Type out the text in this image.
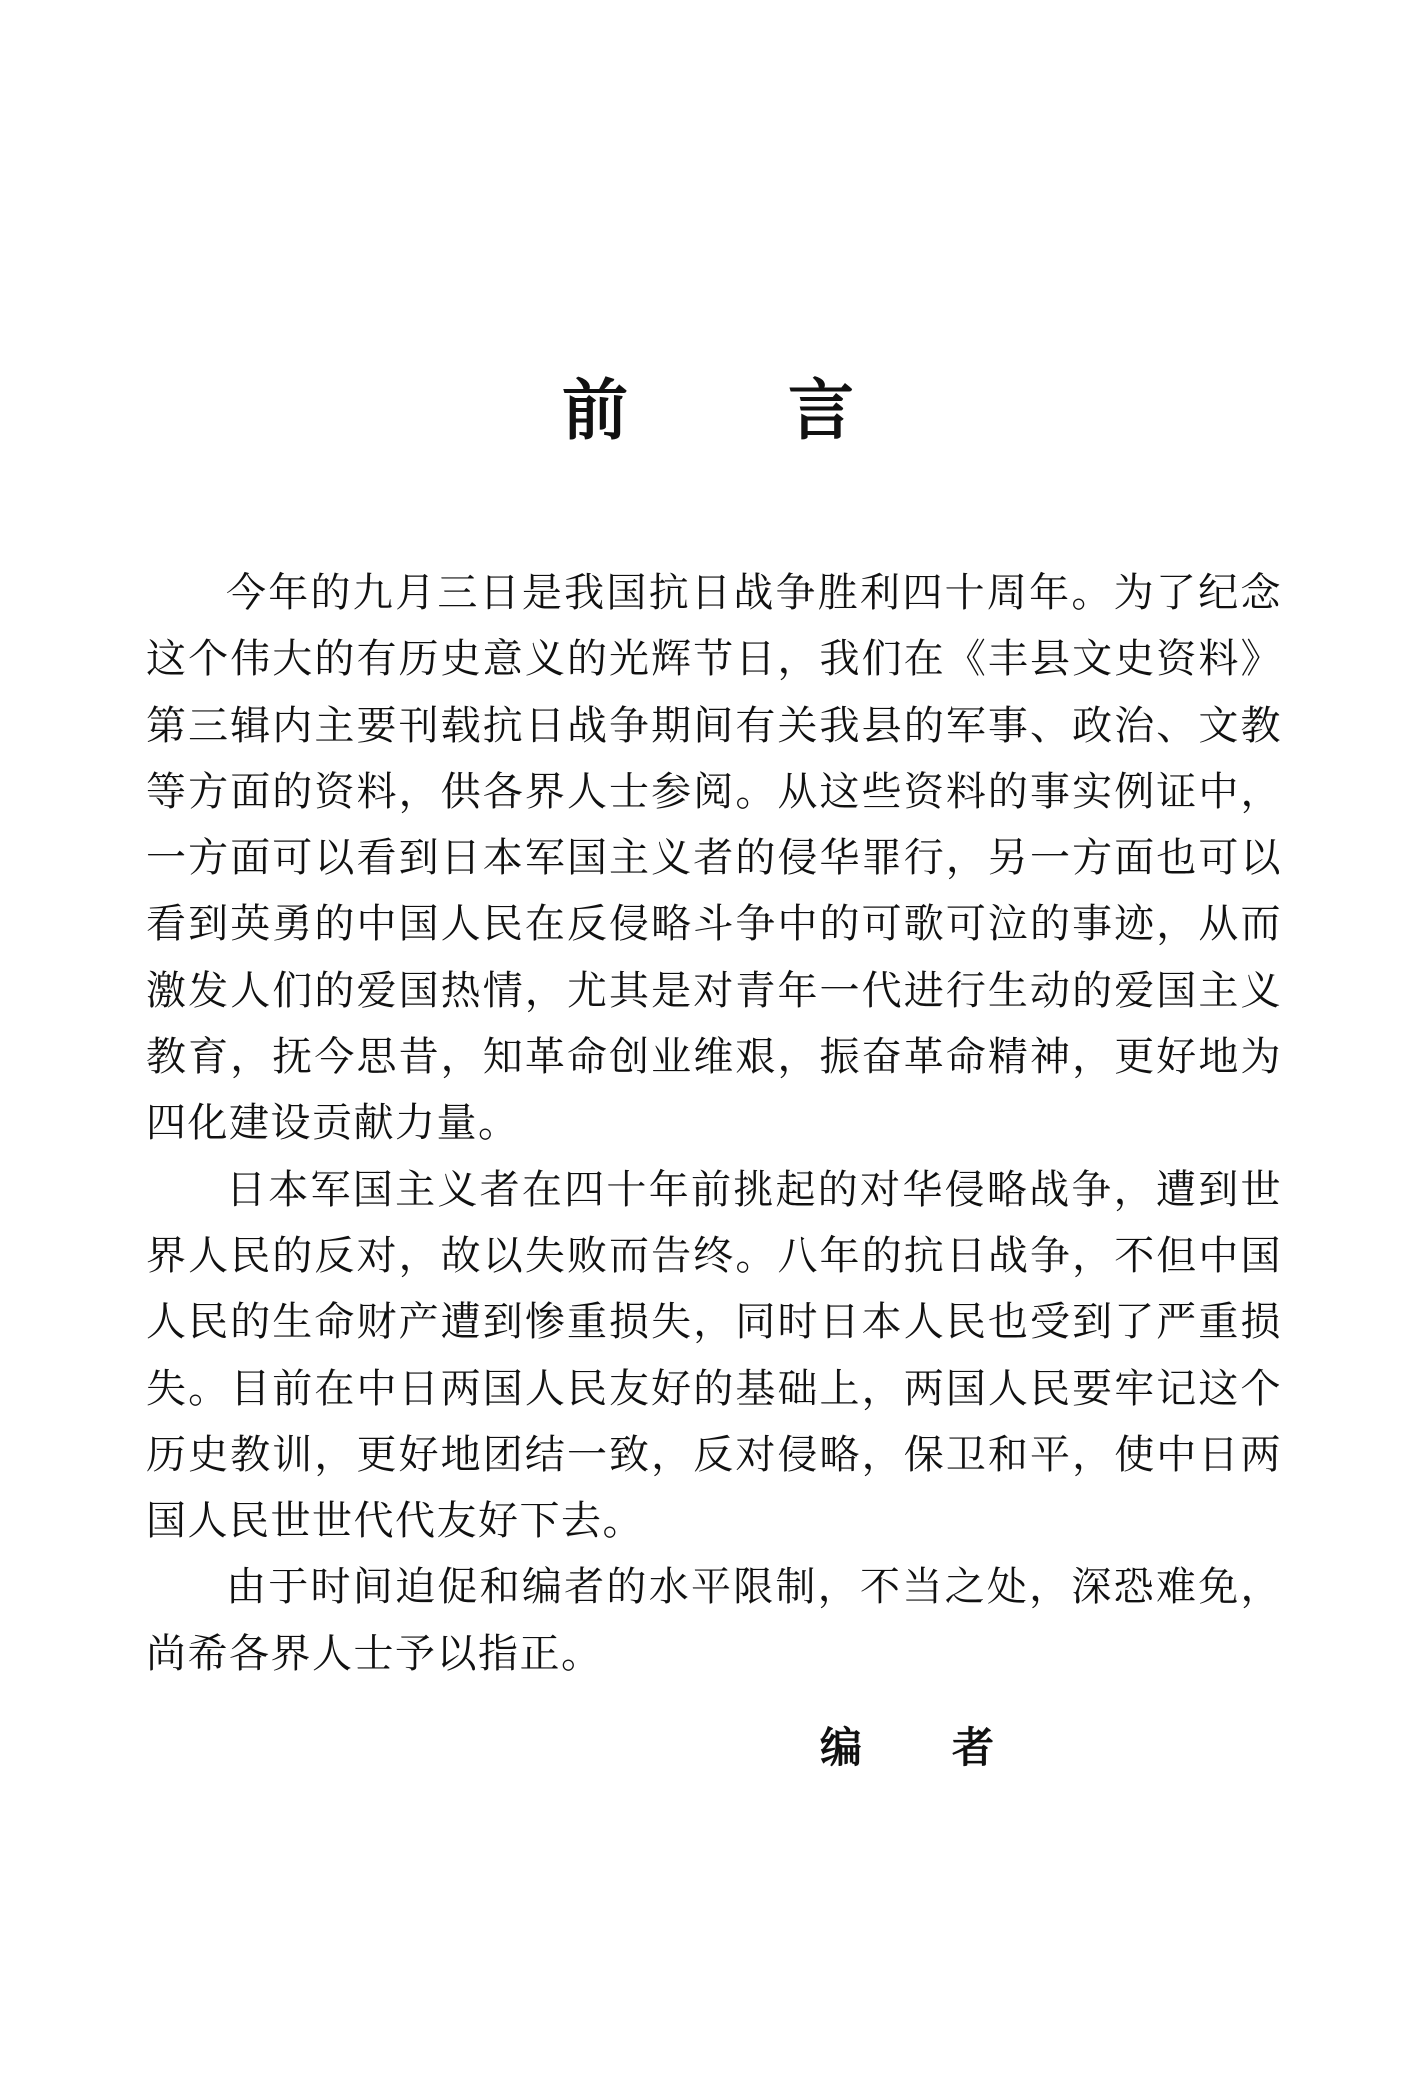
前言

今年的九月三日是我国抗日战争胜利四十周年。为了纪念这个伟大的有历史意义的光辉节日，我们在《丰县文史资料》第三辑内主要刊载抗日战争期间有关我县的军事、政治、文教等方面的资料，供各界人士参阅。从这些资料的事实例证中，一方面可以看到日本军国主义者的侵华罪行，另一方面也可以看到英勇的中国人民在反侵略斗争中的可歌可泣的事迹，从而激发人们的爱国热情，尤其是对青年一代进行生动的爱国主义教育，抚今思昔，知革命创业维艰，振奋革命精神，更好地为四化建设贡献力量。

日本军国主义者在四十年前挑起的对华侵略战争，遭到世界人民的反对，故以失败而告终。八年的抗日战争，不但中国人民的生命财产遭到惨重损失，同时日本人民也受到了严重损失。目前在中日两国人民友好的基础上，两国人民要牢记这个历史教训，更好地团结一致，反对侵略，保卫和平，使中日两国人民世世代代友好下去。

由于时间迫促和编者的水平限制，不当之处，深恐难免，尚希各界人士予以指正。

编者
